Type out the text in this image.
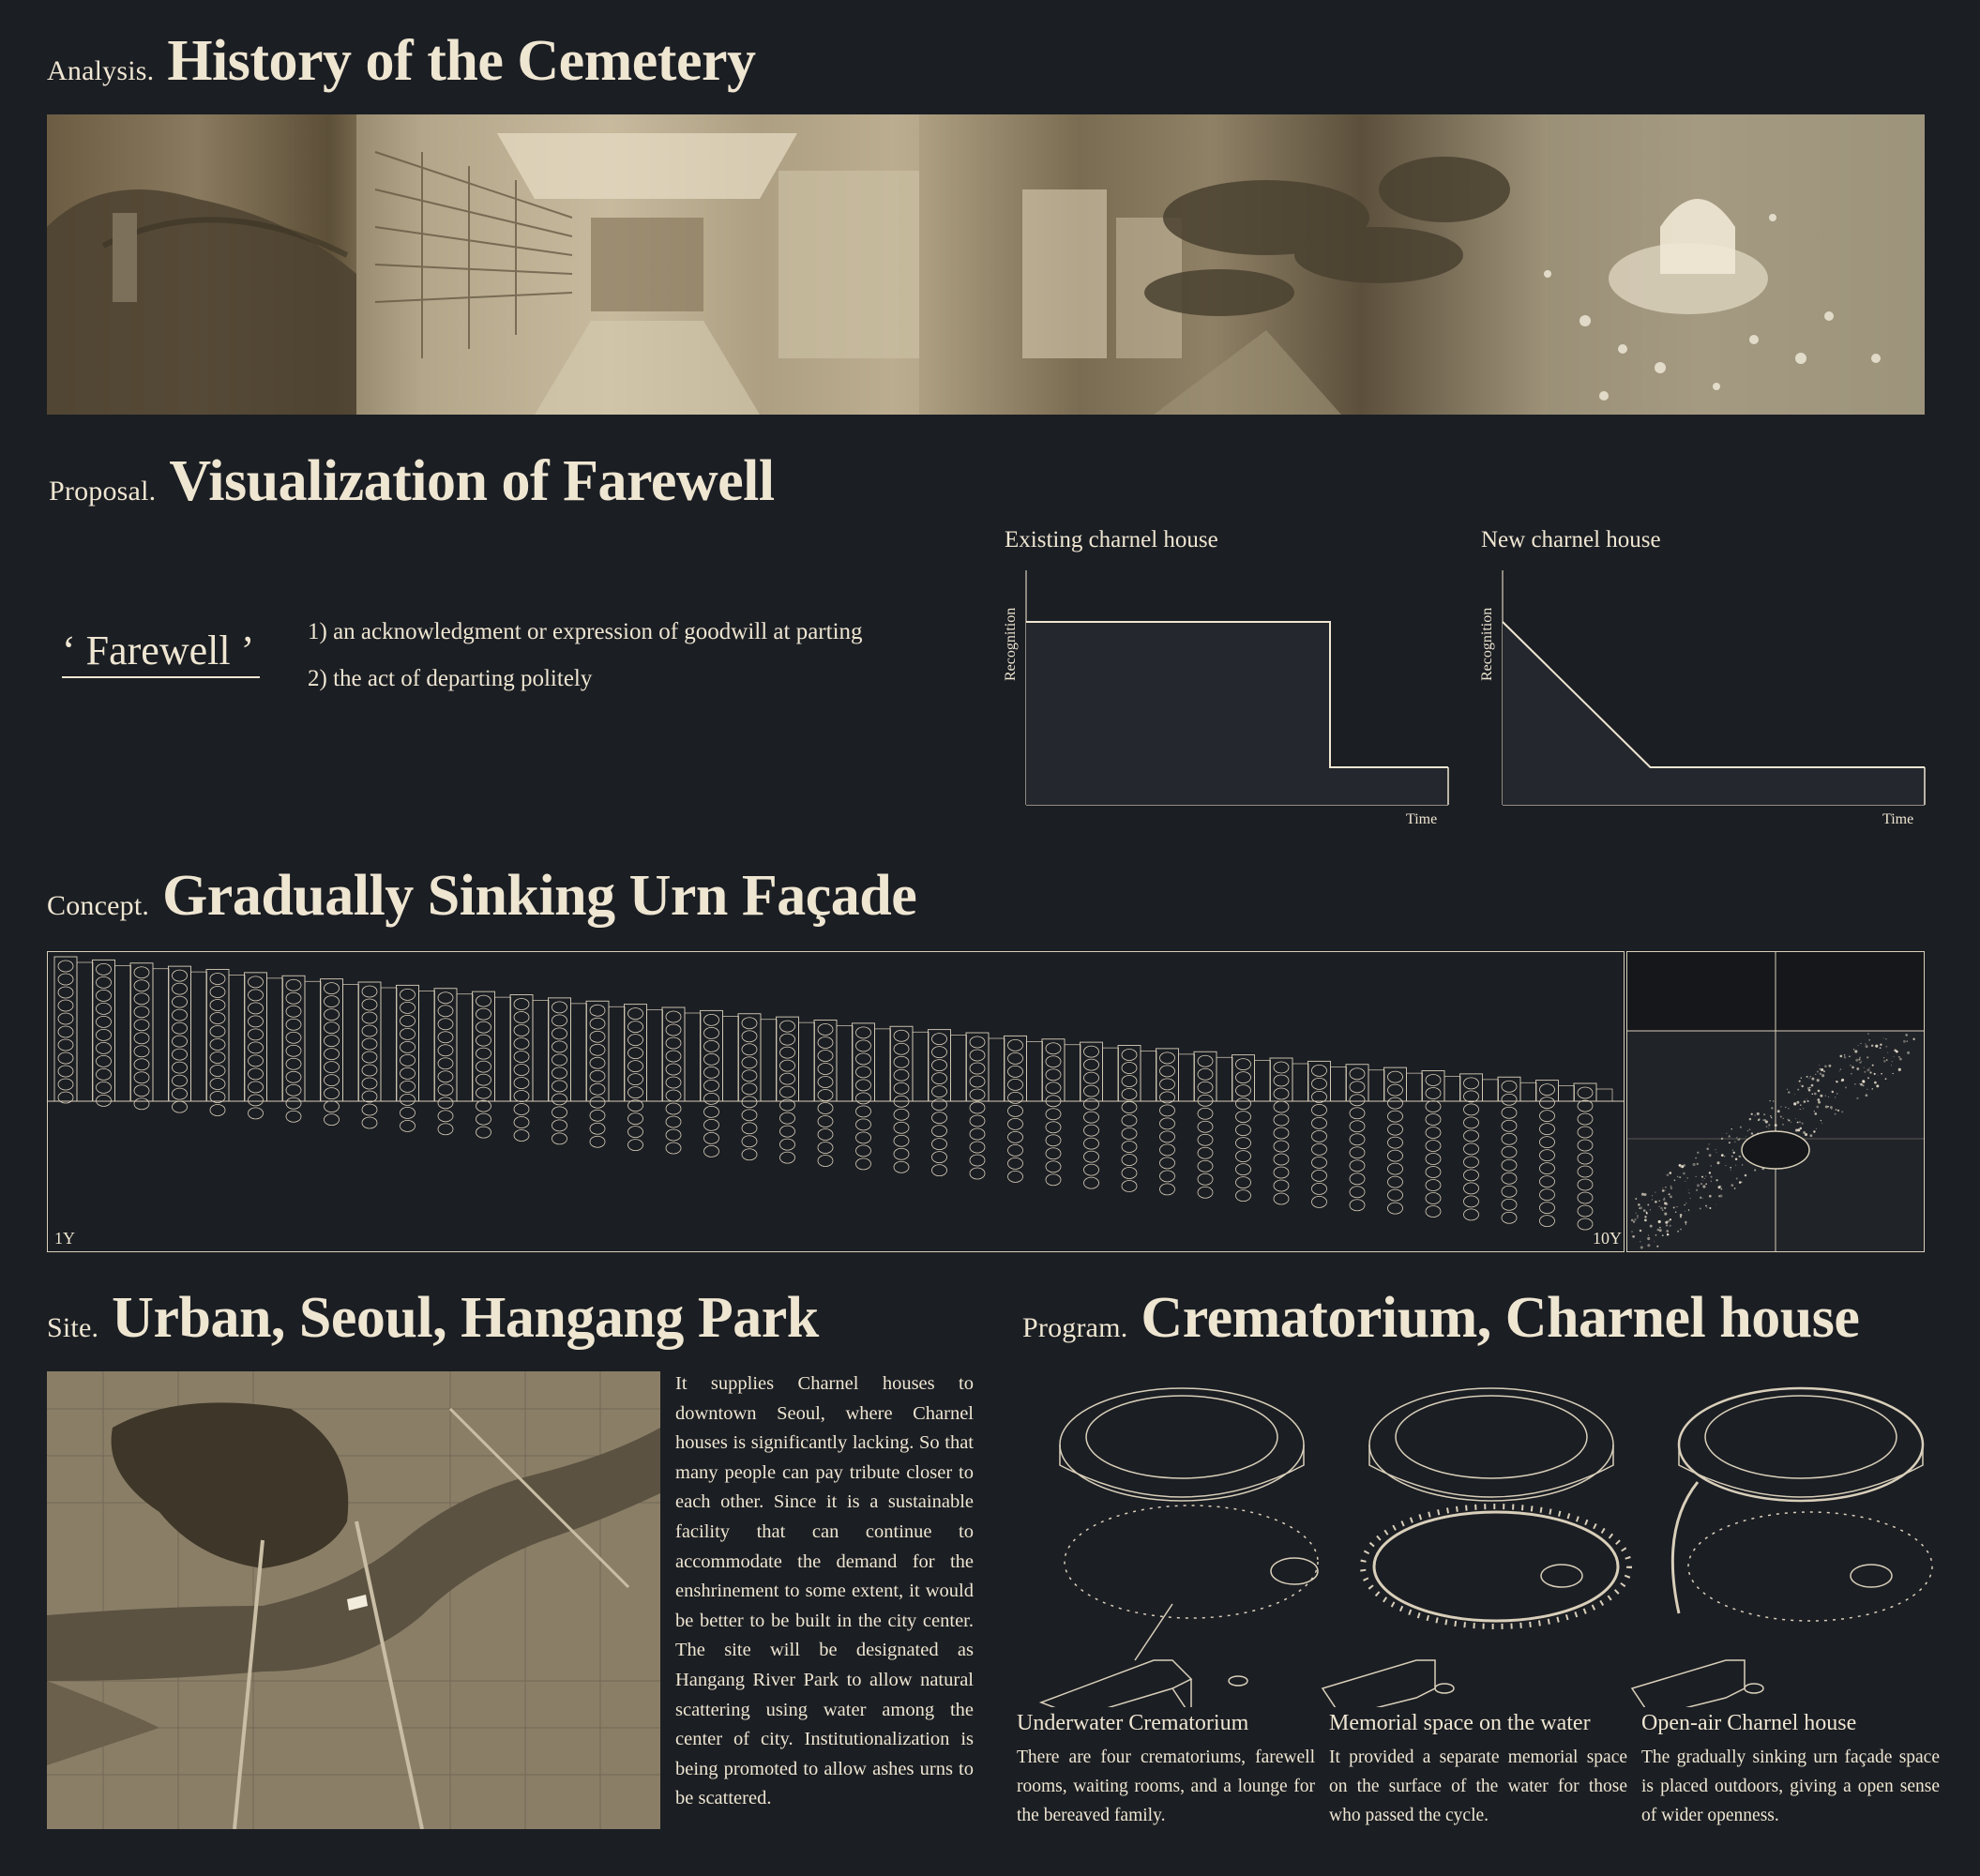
Analysis. History of the Cemetery
Proposal. Visualization of Farewell
‘ Farewell ’ 1) an acknowledgment or expression of goodwill at parting
2) the act of departing politely
Existing charnel house
Recognition
Time
New charnel house
Recognition
Time
Concept. Gradually Sinking Urn Façade
1Y	10Y
Site. Urban, Seoul, Hangang Park
It supplies Charnel houses to downtown Seoul, where Charnel houses is significantly lacking. So that many people can pay tribute closer to each other. Since it is a sustainable facility that can continue to accommodate the demand for the enshrinement to some extent, it would be better to be built in the city center. The site will be designated as Hangang River Park to allow natural scattering using water among the center of city. Institutionalization is being promoted to allow ashes urns to be scattered.
Program. Crematorium, Charnel house
Underwater Crematorium
There are four crematoriums, farewell rooms, waiting rooms, and a lounge for the bereaved family.
Memorial space on the water
It provided a separate memorial space on the surface of the water for those who passed the cycle.
Open-air Charnel house
The gradually sinking urn façade space is placed outdoors, giving a open sense of wider openness.
